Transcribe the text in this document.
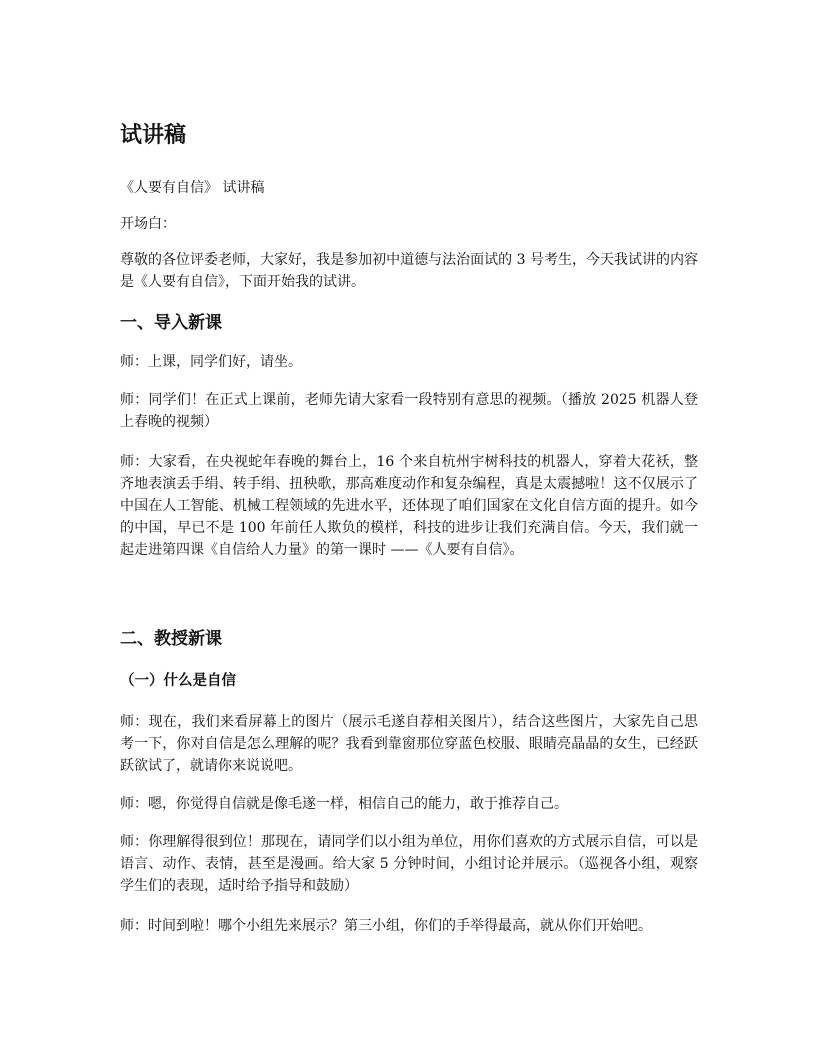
试讲稿

《人要有自信》 试讲稿

开场白：

尊敬的各位评委老师，大家好，我是参加初中道德与法治面试的 3 号考生，今天我试讲的内容是《人要有自信》，下面开始我的试讲。

一、导入新课

师：上课，同学们好，请坐。

师：同学们！在正式上课前，老师先请大家看一段特别有意思的视频。（播放 2025 机器人登上春晚的视频）

师：大家看，在央视蛇年春晚的舞台上，16 个来自杭州宇树科技的机器人，穿着大花袄，整齐地表演丢手绢、转手绢、扭秧歌，那高难度动作和复杂编程，真是太震撼啦！这不仅展示了中国在人工智能、机械工程领域的先进水平，还体现了咱们国家在文化自信方面的提升。如今的中国，早已不是 100 年前任人欺负的模样，科技的进步让我们充满自信。今天，我们就一起走进第四课《自信给人力量》的第一课时 ——《人要有自信》。

二、教授新课
（一）什么是自信

师：现在，我们来看屏幕上的图片（展示毛遂自荐相关图片），结合这些图片，大家先自己思考一下，你对自信是怎么理解的呢？我看到靠窗那位穿蓝色校服、眼睛亮晶晶的女生，已经跃跃欲试了，就请你来说说吧。

师：嗯，你觉得自信就是像毛遂一样，相信自己的能力，敢于推荐自己。

师：你理解得很到位！那现在，请同学们以小组为单位，用你们喜欢的方式展示自信，可以是语言、动作、表情，甚至是漫画。给大家 5 分钟时间，小组讨论并展示。（巡视各小组，观察学生们的表现，适时给予指导和鼓励）

师：时间到啦！哪个小组先来展示？第三小组，你们的手举得最高，就从你们开始吧。
